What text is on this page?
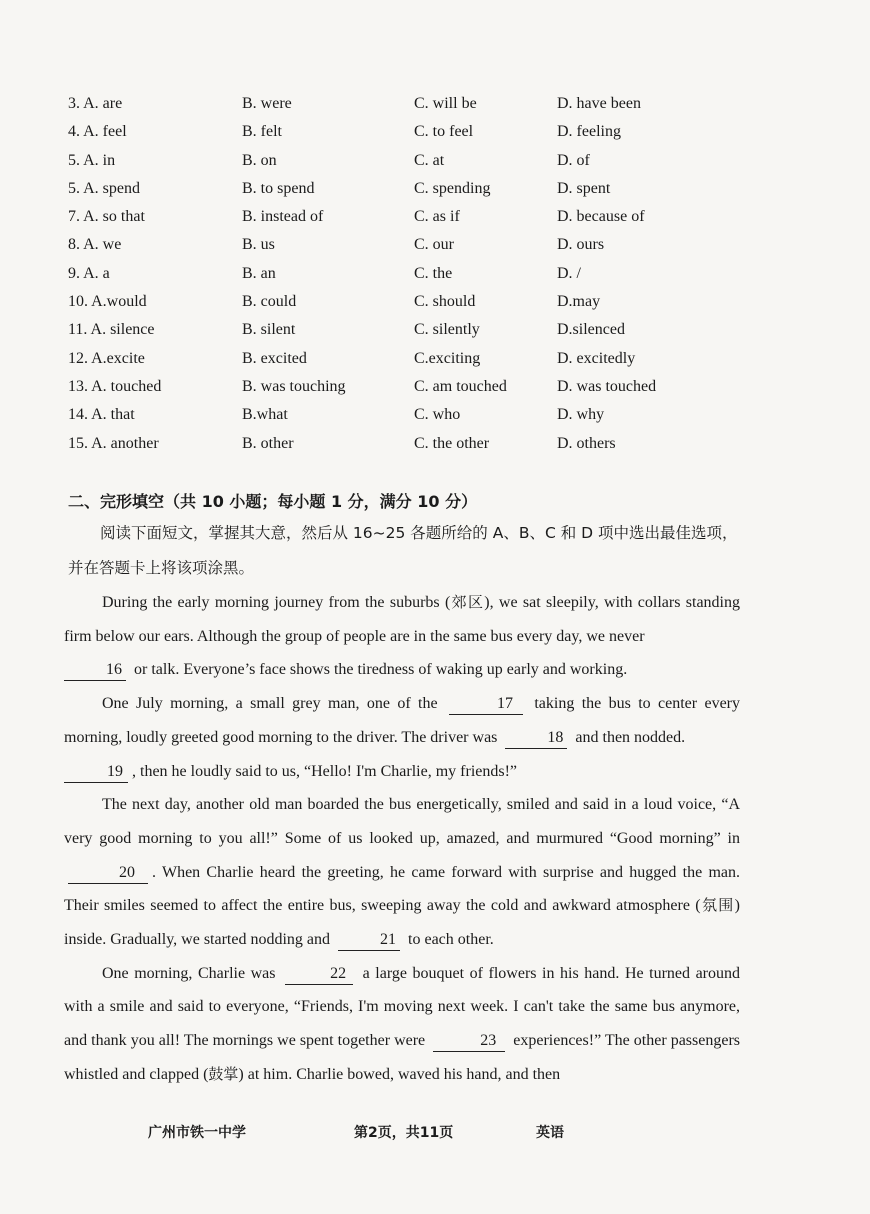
3. A. are	B. were	C. will be	D. have been
4. A. feel	B. felt	C. to feel	D. feeling
5. A. in	B. on	C. at	D. of
5. A. spend	B. to spend	C. spending	D. spent
7. A. so that	B. instead of	C. as if	D. because of
8. A. we	B. us	C. our	D. ours
9. A. a	B. an	C. the	D. /
10. A.would	B. could	C. should	D.may
11. A. silence	B. silent	C. silently	D.silenced
12. A.excite	B. excited	C.exciting	D. excitedly
13. A. touched	B. was touching	C. am touched	D. was touched
14. A. that	B.what	C. who	D. why
15. A. another	B. other	C. the other	D. others
二、完形填空（共 10 小题；每小题 1 分，满分 10 分）
阅读下面短文，掌握其大意，然后从 16~25 各题所给的 A、B、C 和 D 项中选出最佳选项，
并在答题卡上将该项涂黑。

During the early morning journey from the suburbs (郊区), we sat sleepily, with collars standing firm below our ears. Although the group of people are in the same bus every day, we never
16 or talk. Everyone’s face shows the tiredness of waking up early and working.

One July morning, a small grey man, one of the	17 taking the bus to center every morning, loudly greeted good morning to the driver. The driver was	18 and then nodded.
19 , then he loudly said to us, “Hello! I'm Charlie, my friends!”

The next day, another old man boarded the bus energetically, smiled and said in a loud voice, “A very good morning to you all!” Some of us looked up, amazed, and murmured “Good morning” in 20 . When Charlie heard the greeting, he came forward with surprise and hugged the man. Their smiles seemed to affect the entire bus, sweeping away the cold and awkward atmosphere (氛围) inside. Gradually, we started nodding and	21 to each other.

One morning, Charlie was	22 a large bouquet of flowers in his hand. He turned around with a smile and said to everyone, “Friends, I'm moving next week. I can't take the same bus anymore, and thank you all! The mornings we spent together were	23 experiences!” The other passengers whistled and clapped (鼓掌) at him. Charlie bowed, waved his hand, and then

广州市铁一中学	第2页，共11页	英语
